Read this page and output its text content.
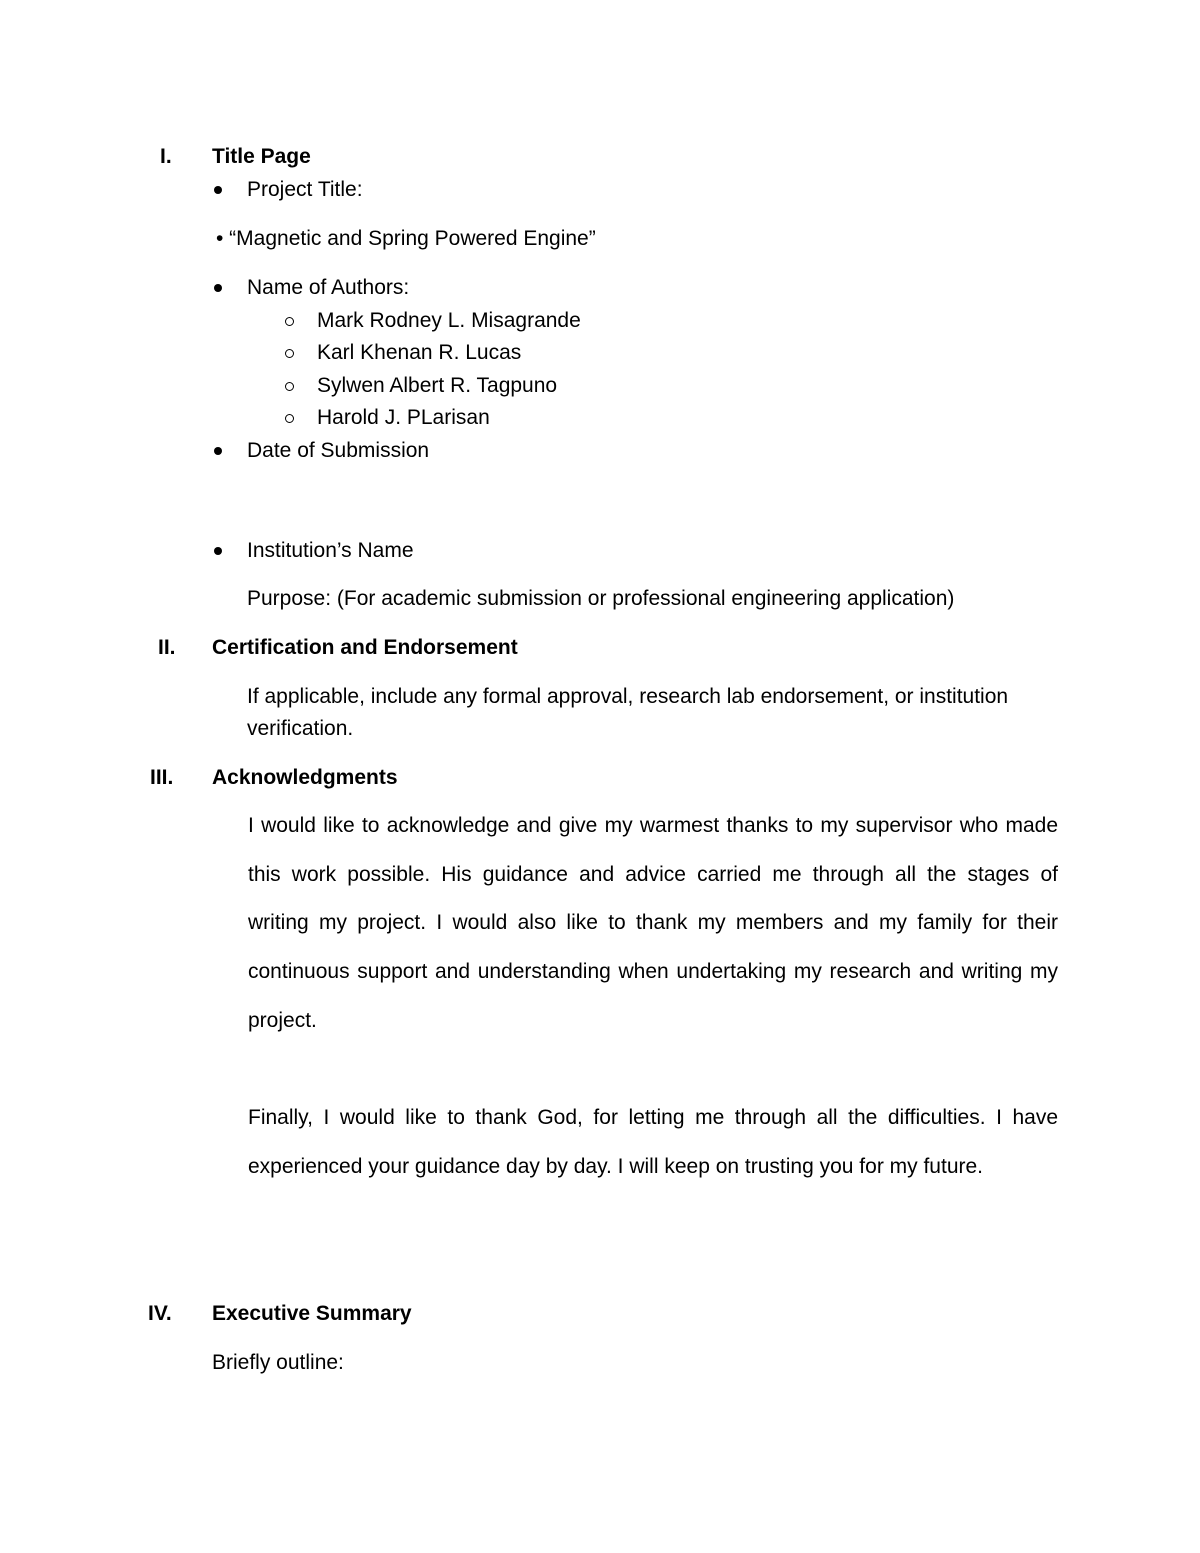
I. Title Page
Project Title:
• “Magnetic and Spring Powered Engine”
Name of Authors:
Mark Rodney L. Misagrande
Karl Khenan R. Lucas
Sylwen Albert R. Tagpuno
Harold J. PLarisan
Date of Submission
Institution’s Name
Purpose: (For academic submission or professional engineering application)
II. Certification and Endorsement
If applicable, include any formal approval, research lab endorsement, or institution
verification.
III. Acknowledgments
I would like to acknowledge and give my warmest thanks to my supervisor who made
this work possible. His guidance and advice carried me through all the stages of
writing my project. I would also like to thank my members and my family for their
continuous support and understanding when undertaking my research and writing my
project.
Finally, I would like to thank God, for letting me through all the difficulties. I have
experienced your guidance day by day. I will keep on trusting you for my future.
IV. Executive Summary
Briefly outline:
